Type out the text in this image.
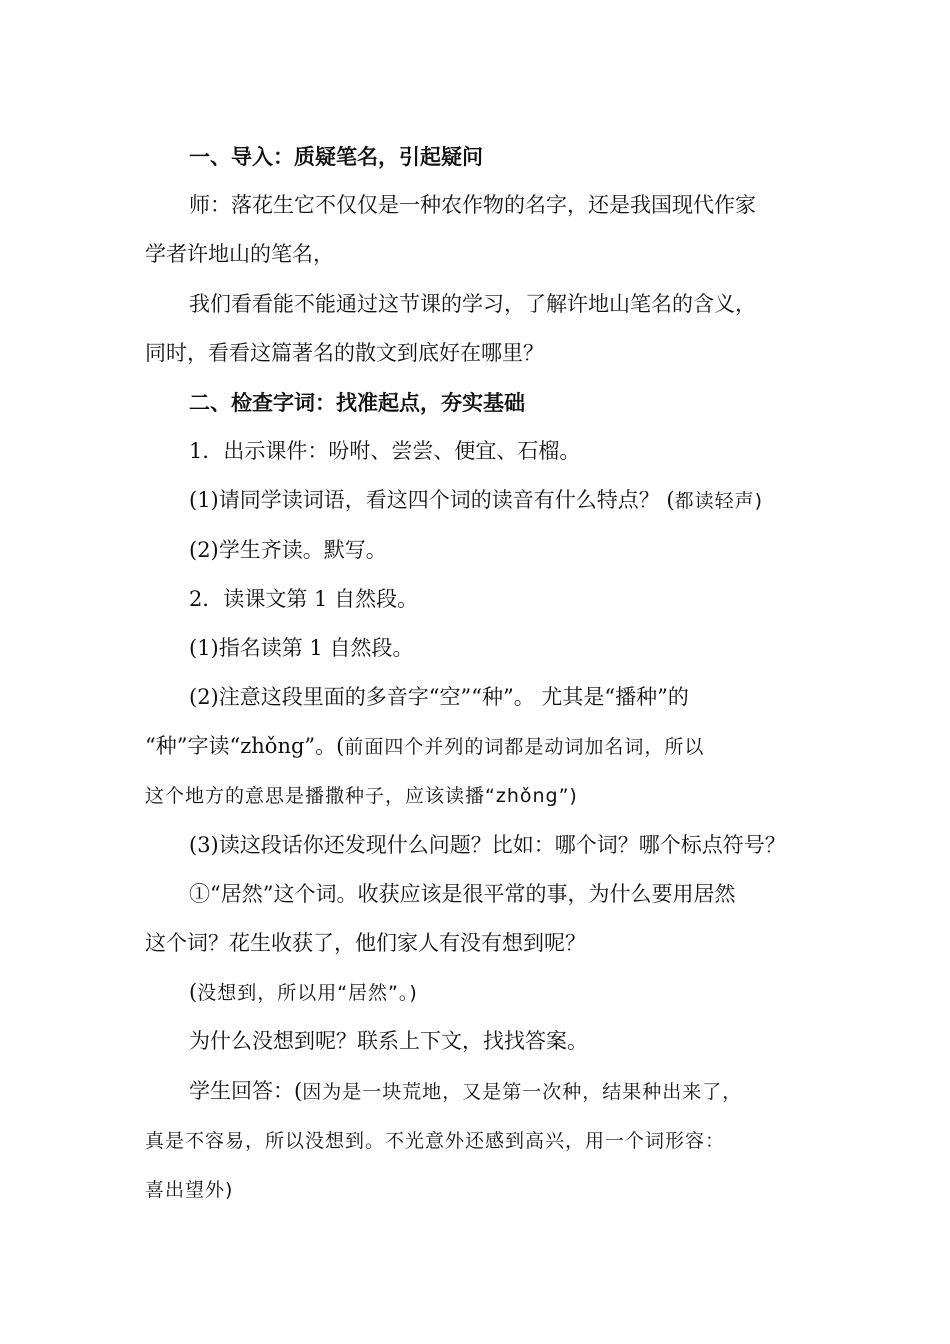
一、导入：质疑笔名，引起疑问
师：落花生它不仅仅是一种农作物的名字，还是我国现代作家
学者许地山的笔名，
我们看看能不能通过这节课的学习，了解许地山笔名的含义，
同时，看看这篇著名的散文到底好在哪里？
二、检查字词：找准起点，夯实基础
1．出示课件：吩咐、尝尝、便宜、石榴。
(1)请同学读词语，看这四个词的读音有什么特点？ (都读轻声)
(2)学生齐读。默写。
2．读课文第 1 自然段。
(1)指名读第 1 自然段。
(2)注意这段里面的多音字“空”“种”。 尤其是“播种”的
“种”字读“zhǒng”。(前面四个并列的词都是动词加名词，所以
这个地方的意思是播撒种子，应该读播“zhǒng”)
(3)读这段话你还发现什么问题？比如：哪个词？哪个标点符号？
①“居然”这个词。收获应该是很平常的事，为什么要用居然
这个词？花生收获了，他们家人有没有想到呢？
(没想到，所以用“居然”。)
为什么没想到呢？联系上下文，找找答案。
学生回答：(因为是一块荒地，又是第一次种，结果种出来了，
真是不容易，所以没想到。不光意外还感到高兴，用一个词形容：
喜出望外)
